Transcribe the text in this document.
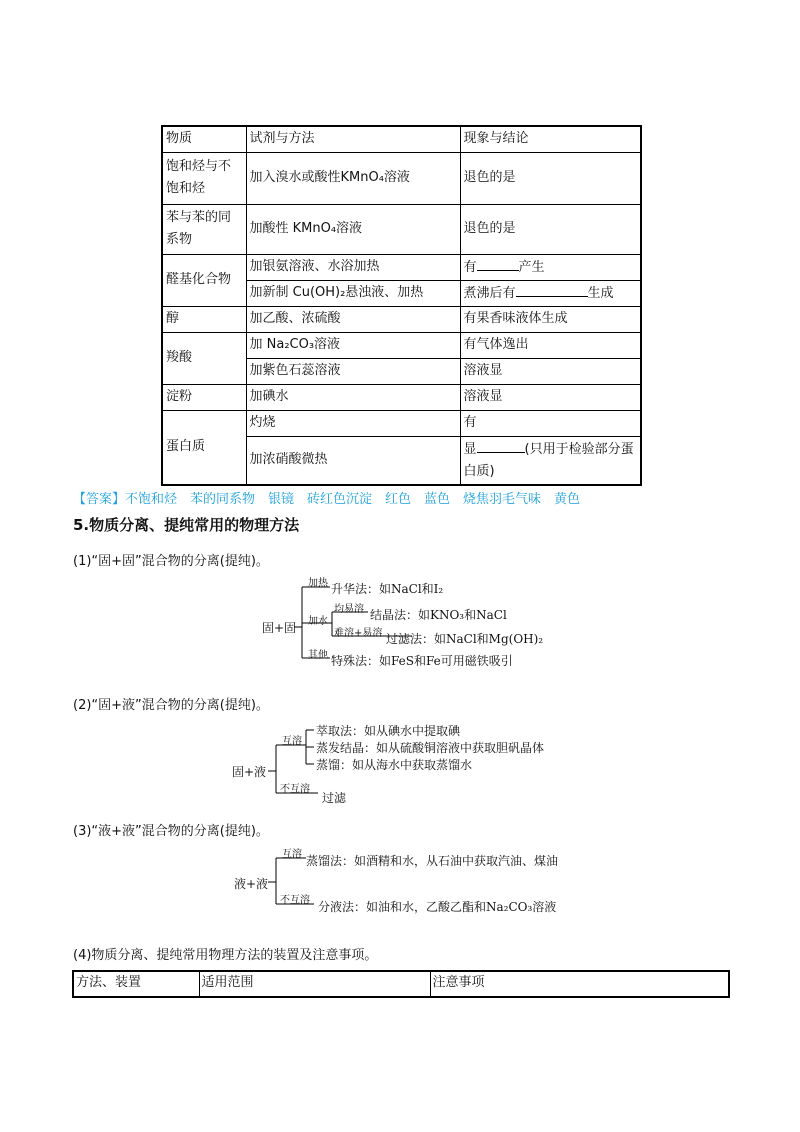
物质	试剂与方法	现象与结论
饱和烃与不饱和烃	加入溴水或酸性KMnO₄溶液	退色的是
苯与苯的同系物	加酸性 KMnO₄溶液	退色的是
醛基化合物	加银氨溶液、水浴加热	有 产生
	加新制 Cu(OH)₂悬浊液、加热	煮沸后有 生成
醇	加乙酸、浓硫酸	有果香味液体生成
羧酸	加 Na₂CO₃溶液	有气体逸出
	加紫色石蕊溶液	溶液显
淀粉	加碘水	溶液显
蛋白质	灼烧	有
	加浓硝酸微热	显 (只用于检验部分蛋白质)
【答案】不饱和烃　苯的同系物　银镜　砖红色沉淀　红色　蓝色　烧焦羽毛气味　黄色
5.物质分离、提纯常用的物理方法
(1)“固+固”混合物的分离(提纯)。
固+固
加热 升华法：如NaCl和I₂
加水
均易溶 结晶法：如KNO₃和NaCl
难溶+易溶 过滤法：如NaCl和Mg(OH)₂
其他 特殊法：如FeS和Fe可用磁铁吸引
(2)“固+液”混合物的分离(提纯)。
固+液
互溶
萃取法：如从碘水中提取碘
蒸发结晶：如从硫酸铜溶液中获取胆矾晶体
蒸馏：如从海水中获取蒸馏水
不互溶
过滤
(3)“液+液”混合物的分离(提纯)。
液+液
互溶 蒸馏法：如酒精和水，从石油中获取汽油、煤油
不互溶 分液法：如油和水，乙酸乙酯和Na₂CO₃溶液
(4)物质分离、提纯常用物理方法的装置及注意事项。
方法、装置	适用范围	注意事项
